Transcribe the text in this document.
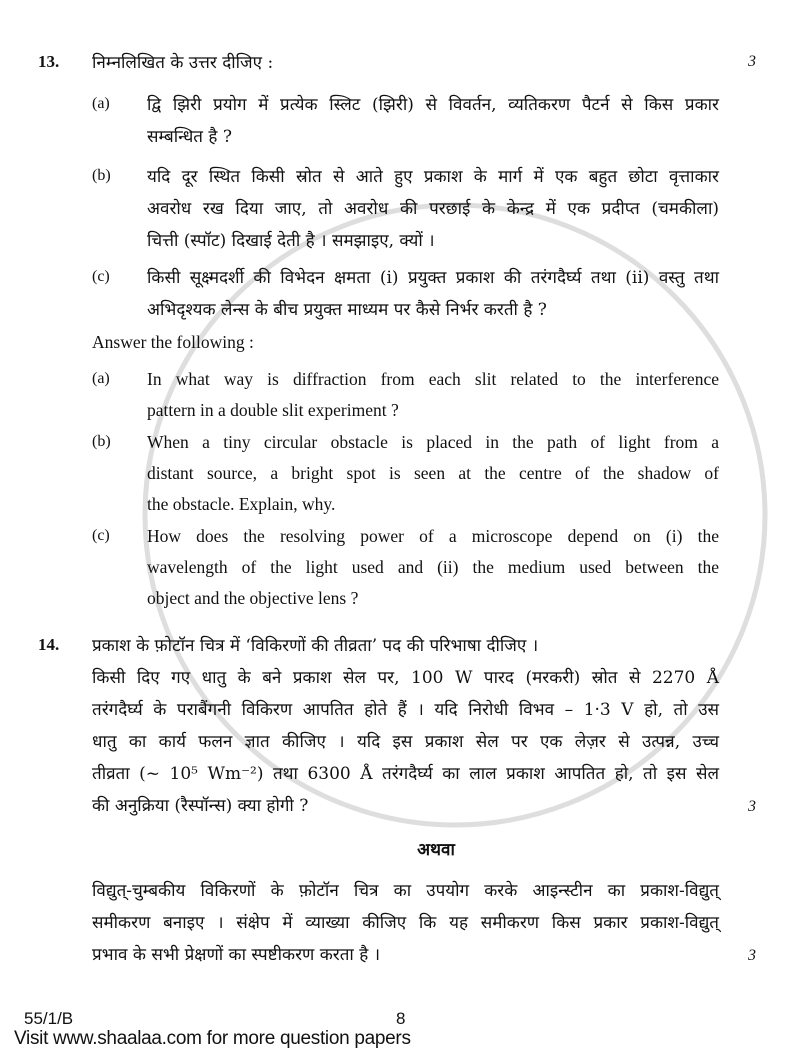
13.	निम्नलिखित के उत्तर दीजिए :	3
(a)	द्वि झिरी प्रयोग में प्रत्येक स्लिट (झिरी) से विवर्तन, व्यतिकरण पैटर्न से किस प्रकार
सम्बन्धित है ?
(b)	यदि दूर स्थित किसी स्रोत से आते हुए प्रकाश के मार्ग में एक बहुत छोटा वृत्ताकार
अवरोध रख दिया जाए, तो अवरोध की परछाई के केन्द्र में एक प्रदीप्त (चमकीला)
चित्ती (स्पॉट) दिखाई देती है । समझाइए, क्यों ।
(c)	किसी सूक्ष्मदर्शी की विभेदन क्षमता (i) प्रयुक्त प्रकाश की तरंगदैर्घ्य तथा (ii) वस्तु तथा
अभिदृश्यक लेन्स के बीच प्रयुक्त माध्यम पर कैसे निर्भर करती है ?
Answer the following :
(a)	In what way is diffraction from each slit related to the interference
pattern in a double slit experiment ?
(b)	When a tiny circular obstacle is placed in the path of light from a
distant source, a bright spot is seen at the centre of the shadow of
the obstacle. Explain, why.
(c)	How does the resolving power of a microscope depend on (i) the
wavelength of the light used and (ii) the medium used between the
object and the objective lens ?
14.	प्रकाश के फ़ोटॉन चित्र में ‘विकिरणों की तीव्रता’ पद की परिभाषा दीजिए ।
किसी दिए गए धातु के बने प्रकाश सेल पर, 100 W पारद (मरकरी) स्रोत से 2270 Å
तरंगदैर्घ्य के पराबैंगनी विकिरण आपतित होते हैं । यदि निरोधी विभव – 1·3 V हो, तो उस
धातु का कार्य फलन ज्ञात कीजिए । यदि इस प्रकाश सेल पर एक लेज़र से उत्पन्न, उच्च
तीव्रता (~ 10⁵ Wm⁻²) तथा 6300 Å तरंगदैर्घ्य का लाल प्रकाश आपतित हो, तो इस सेल
की अनुक्रिया (रैस्पॉन्स) क्या होगी ?	3
अथवा
विद्युत्-चुम्बकीय विकिरणों के फ़ोटॉन चित्र का उपयोग करके आइन्स्टीन का प्रकाश-विद्युत्
समीकरण बनाइए । संक्षेप में व्याख्या कीजिए कि यह समीकरण किस प्रकार प्रकाश-विद्युत्
प्रभाव के सभी प्रेक्षणों का स्पष्टीकरण करता है ।	3
55/1/B	8
Visit www.shaalaa.com for more question papers
